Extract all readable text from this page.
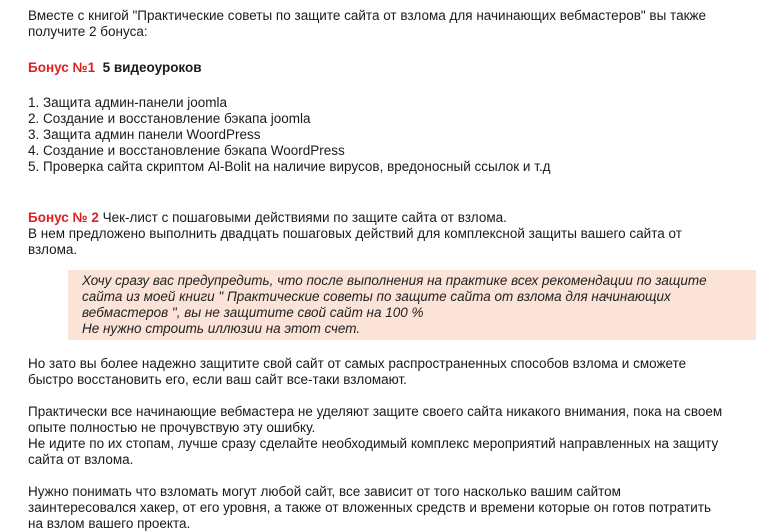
Вместе с книгой "Практические советы по защите сайта от взлома для начинающих вебмастеров" вы также

получите 2 бонуса:

Бонус №1 5 видеоуроков

1. Защита админ-панели joomla
2. Создание и восстановление бэкапа joomla
3. Защита админ панели WoordPress
4. Создание и восстановление бэкапа WoordPress
5. Проверка сайта скриптом Al-Bolit на наличие вирусов, вредоносный ссылок и т.д

Бонус № 2 Чек-лист с пошаговыми действиями по защите сайта от взлома.

В нем предложено выполнить двадцать пошаговых действий для комплексной защиты вашего сайта от

взлома.

Хочу сразу вас предупредить, что после выполнения на практике всех рекомендации по защите

сайта из моей книги " Практические советы по защите сайта от взлома для начинающих

вебмастеров ", вы не защитите свой сайт на 100 %

Не нужно строить иллюзии на этот счет.

Но зато вы более надежно защитите свой сайт от самых распространенных способов взлома и сможете

быстро восстановить его, если ваш сайт все-таки взломают.

Практически все начинающие вебмастера не уделяют защите своего сайта никакого внимания, пока на своем

опыте полностью не прочувствую эту ошибку.

Не идите по их стопам, лучше сразу сделайте необходимый комплекс мероприятий направленных на защиту

сайта от взлома.

Нужно понимать что взломать могут любой сайт, все зависит от того насколько вашим сайтом

заинтересовался хакер, от его уровня, а также от вложенных средств и времени которые он готов потратить

на взлом вашего проекта.
